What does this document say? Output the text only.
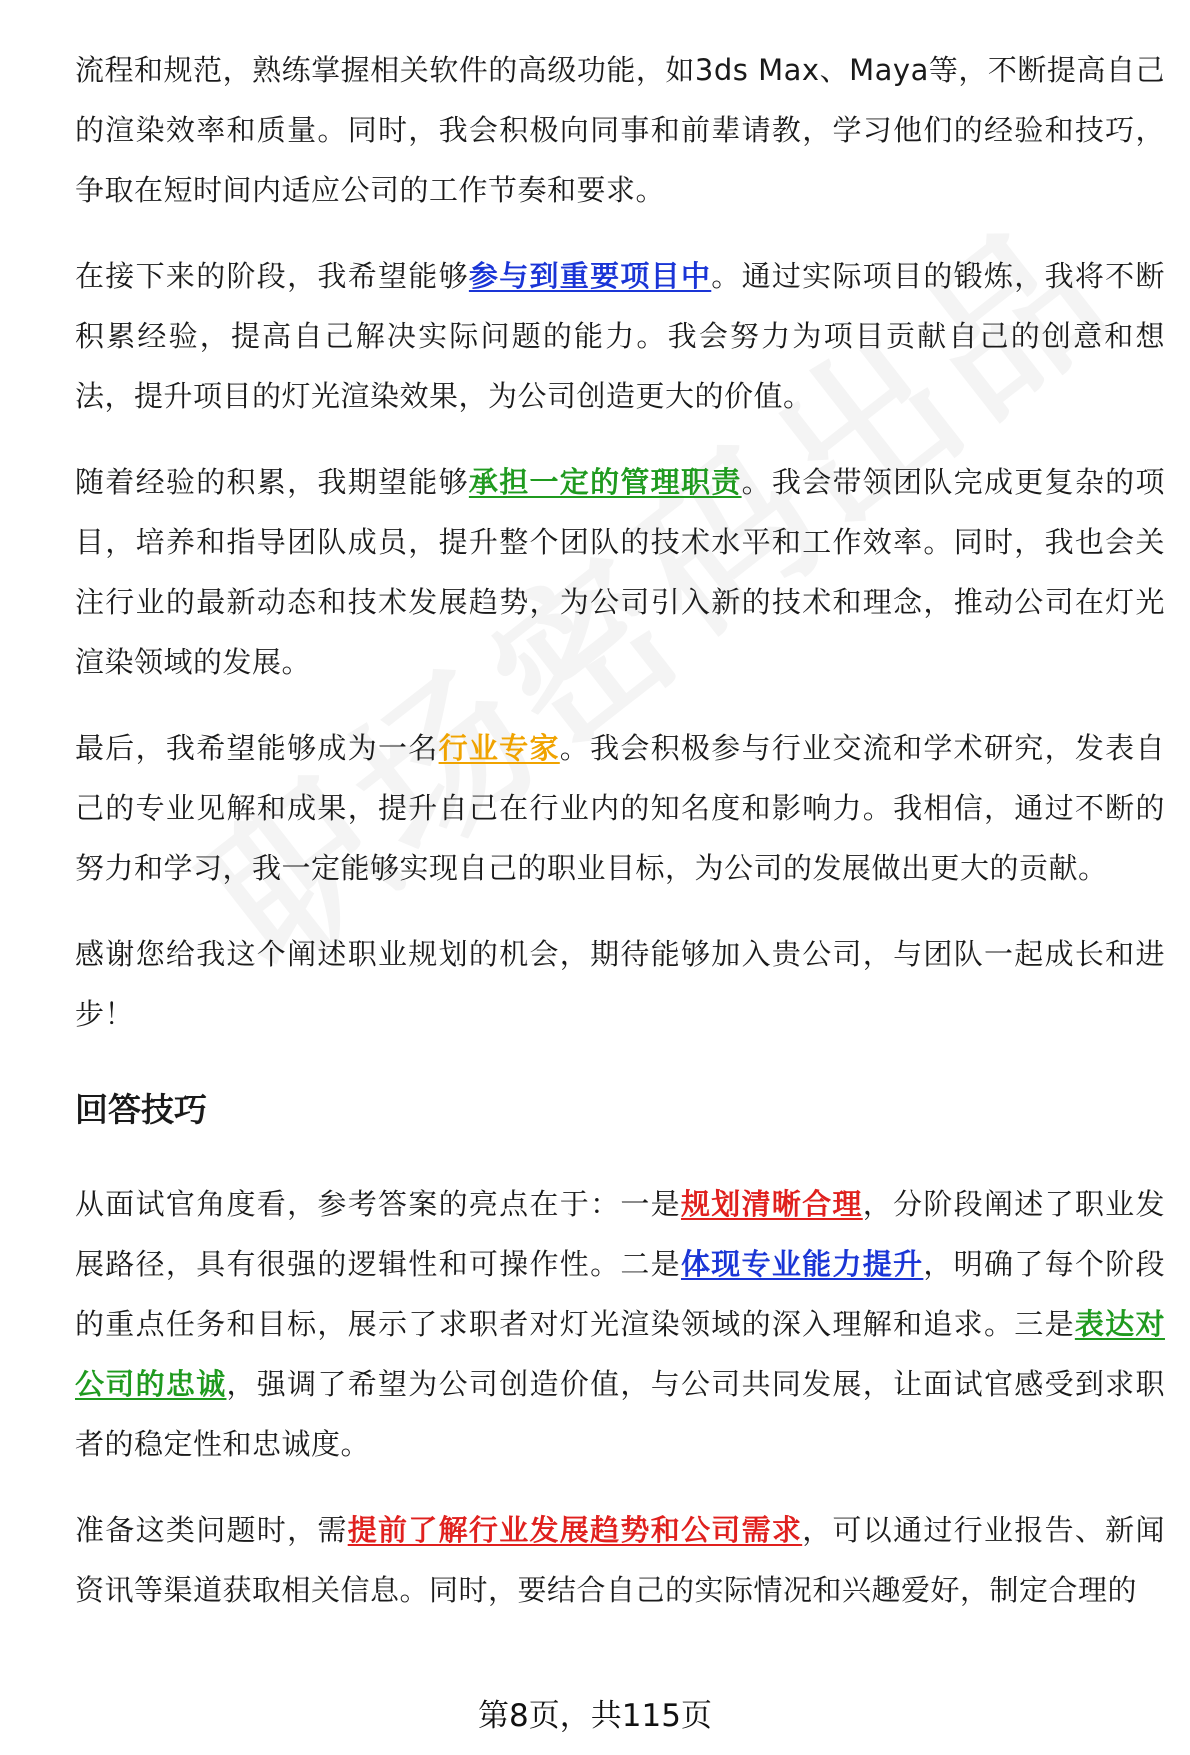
流程和规范，熟练掌握相关软件的高级功能，如3ds Max、Maya等，不断提高自己的渲染效率和质量。同时，我会积极向同事和前辈请教，学习他们的经验和技巧，争取在短时间内适应公司的工作节奏和要求。

在接下来的阶段，我希望能够参与到重要项目中。通过实际项目的锻炼，我将不断积累经验，提高自己解决实际问题的能力。我会努力为项目贡献自己的创意和想法，提升项目的灯光渲染效果，为公司创造更大的价值。

随着经验的积累，我期望能够承担一定的管理职责。我会带领团队完成更复杂的项目，培养和指导团队成员，提升整个团队的技术水平和工作效率。同时，我也会关注行业的最新动态和技术发展趋势，为公司引入新的技术和理念，推动公司在灯光渲染领域的发展。

最后，我希望能够成为一名行业专家。我会积极参与行业交流和学术研究，发表自己的专业见解和成果，提升自己在行业内的知名度和影响力。我相信，通过不断的努力和学习，我一定能够实现自己的职业目标，为公司的发展做出更大的贡献。

感谢您给我这个阐述职业规划的机会，期待能够加入贵公司，与团队一起成长和进步！

回答技巧

从面试官角度看，参考答案的亮点在于：一是规划清晰合理，分阶段阐述了职业发展路径，具有很强的逻辑性和可操作性。二是体现专业能力提升，明确了每个阶段的重点任务和目标，展示了求职者对灯光渲染领域的深入理解和追求。三是表达对公司的忠诚，强调了希望为公司创造价值，与公司共同发展，让面试官感受到求职者的稳定性和忠诚度。

准备这类问题时，需提前了解行业发展趋势和公司需求，可以通过行业报告、新闻资讯等渠道获取相关信息。同时，要结合自己的实际情况和兴趣爱好，制定合理的

第8页，共115页
